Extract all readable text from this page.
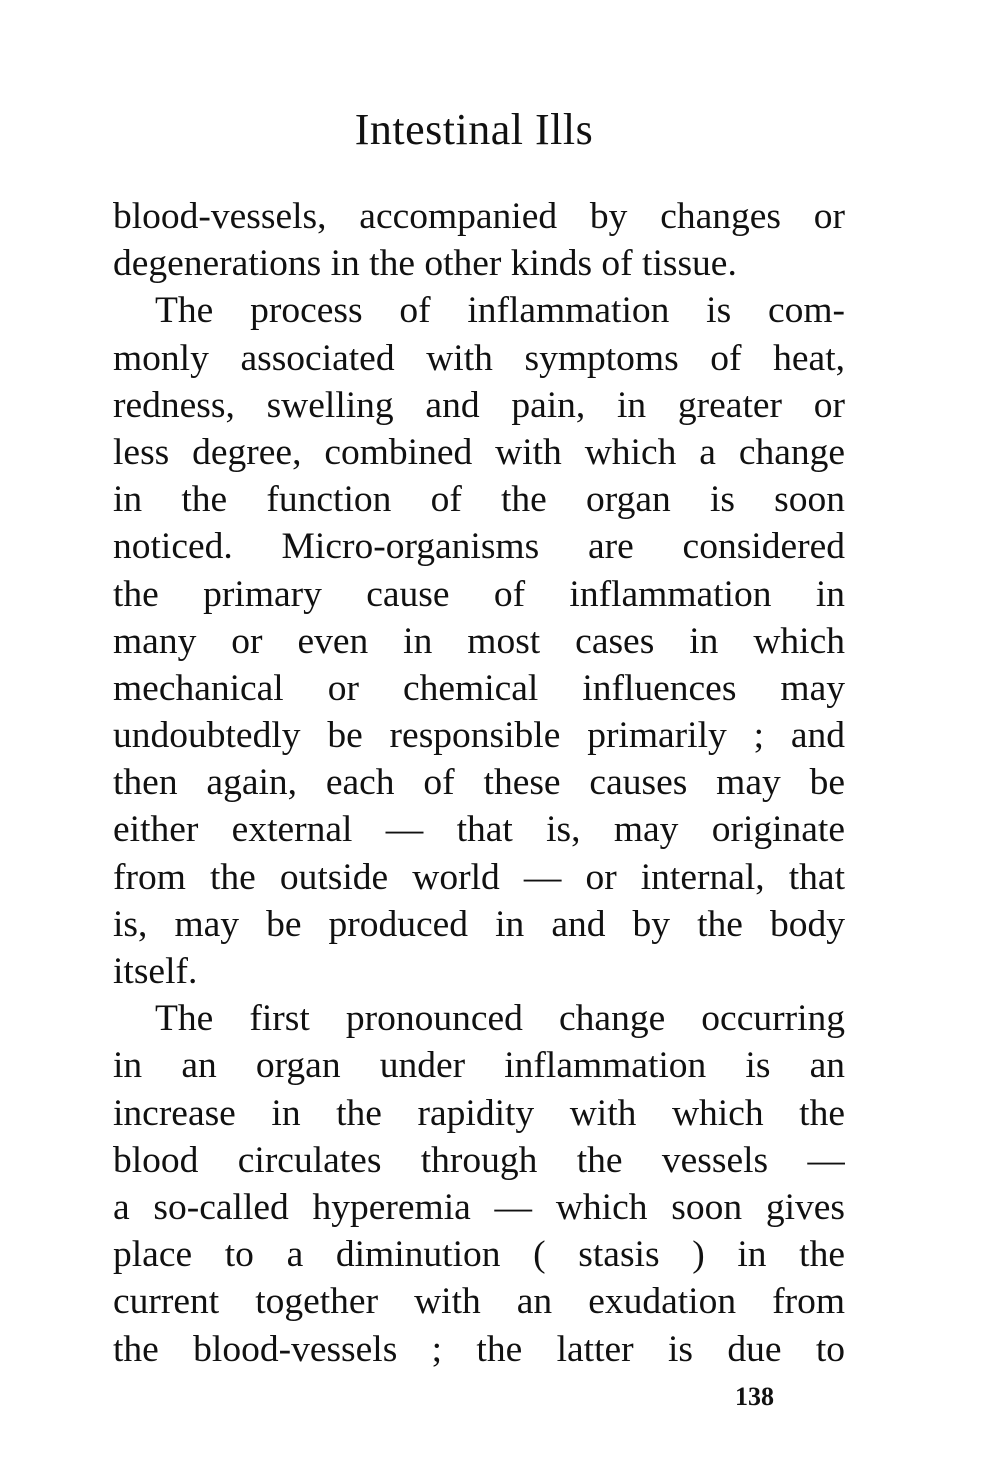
Intestinal Ills
blood-vessels, accompanied by changes or
degenerations in the other kinds of tissue.
The process of inflammation is com-
monly associated with symptoms of heat,
redness, swelling and pain, in greater or
less degree, combined with which a change
in the function of the organ is soon
noticed. Micro-organisms are considered
the primary cause of inflammation in
many or even in most cases in which
mechanical or chemical influences may
undoubtedly be responsible primarily ; and
then again, each of these causes may be
either external — that is, may originate
from the outside world — or internal, that
is, may be produced in and by the body
itself.
The first pronounced change occurring
in an organ under inflammation is an
increase in the rapidity with which the
blood circulates through the vessels —
a so-called hyperemia — which soon gives
place to a diminution ( stasis ) in the
current together with an exudation from
the blood-vessels ; the latter is due to
138
